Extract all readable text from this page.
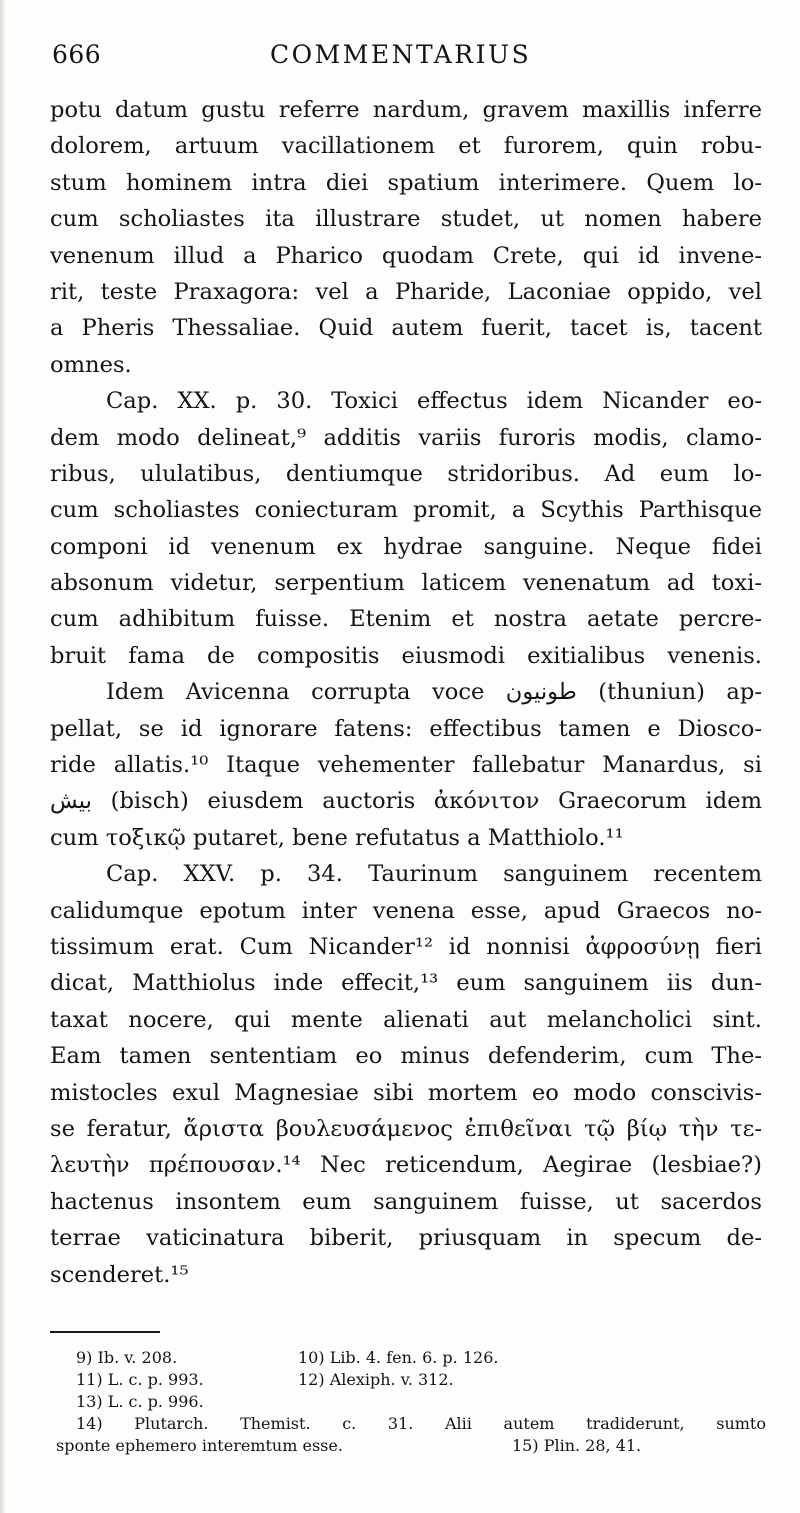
666	COMMENTARIUS
potu datum gustu referre nardum, gravem maxillis inferre
dolorem, artuum vacillationem et furorem, quin robu-
stum hominem intra diei spatium interimere. Quem lo-
cum scholiastes ita illustrare studet, ut nomen habere
venenum illud a Pharico quodam Crete, qui id invene-
rit, teste Praxagora: vel a Pharide, Laconiae oppido, vel
a Pheris Thessaliae. Quid autem fuerit, tacet is, tacent
omnes.
Cap. XX. p. 30. Toxici effectus idem Nicander eo-
dem modo delineat,⁹ additis variis furoris modis, clamo-
ribus, ululatibus, dentiumque stridoribus. Ad eum lo-
cum scholiastes coniecturam promit, a Scythis Parthisque
componi id venenum ex hydrae sanguine. Neque fidei
absonum videtur, serpentium laticem venenatum ad toxi-
cum adhibitum fuisse. Etenim et nostra aetate percre-
bruit fama de compositis eiusmodi exitialibus venenis.
Idem Avicenna corrupta voce طونيون (thuniun) ap-
pellat, se id ignorare fatens: effectibus tamen e Diosco-
ride allatis.¹⁰ Itaque vehementer fallebatur Manardus, si
بيش (bisch) eiusdem auctoris ἀκόνιτον Graecorum idem
cum τοξικῷ putaret, bene refutatus a Matthiolo.¹¹
Cap. XXV. p. 34. Taurinum sanguinem recentem
calidumque epotum inter venena esse, apud Graecos no-
tissimum erat. Cum Nicander¹² id nonnisi ἀφροσύνῃ fieri
dicat, Matthiolus inde effecit,¹³ eum sanguinem iis dun-
taxat nocere, qui mente alienati aut melancholici sint.
Eam tamen sententiam eo minus defenderim, cum The-
mistocles exul Magnesiae sibi mortem eo modo conscivis-
se feratur, ἄριστα βουλευσάμενος ἐπιθεῖναι τῷ βίῳ τὴν τε-
λευτὴν πρέπουσαν.¹⁴ Nec reticendum, Aegirae (lesbiae?)
hactenus insontem eum sanguinem fuisse, ut sacerdos
terrae vaticinatura biberit, priusquam in specum de-
scenderet.¹⁵
9) Ib. v. 208.	10) Lib. 4. fen. 6. p. 126.
11) L. c. p. 993.	12) Alexiph. v. 312.
13) L. c. p. 996.
14) Plutarch. Themist. c. 31. Alii autem tradiderunt, sumto
sponte ephemero interemtum esse.	15) Plin. 28, 41.
